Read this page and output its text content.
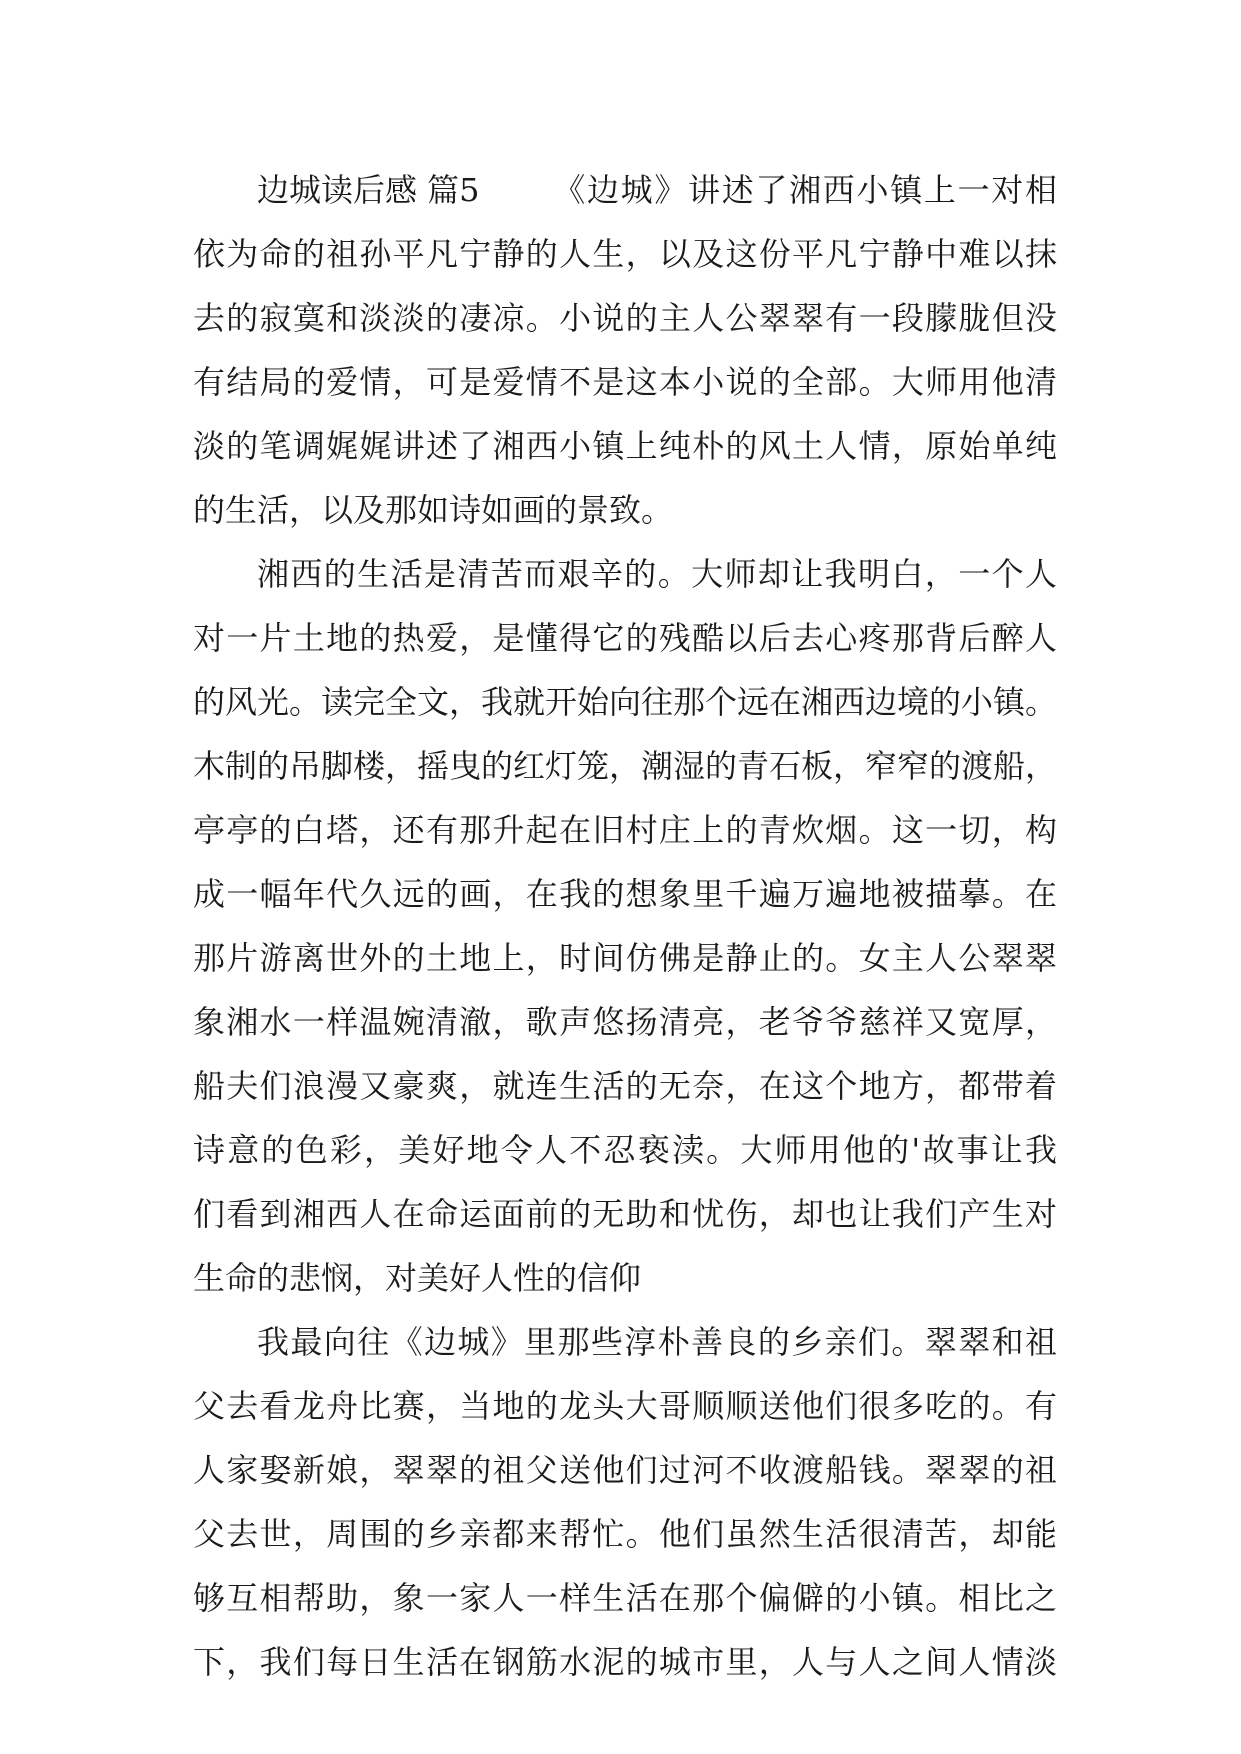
边城读后感 篇5 《边城》讲述了湘西小镇上一对相
依为命的祖孙平凡宁静的人生，以及这份平凡宁静中难以抹
去的寂寞和淡淡的凄凉。小说的主人公翠翠有一段朦胧但没
有结局的爱情，可是爱情不是这本小说的全部。大师用他清
淡的笔调娓娓讲述了湘西小镇上纯朴的风土人情，原始单纯
的生活，以及那如诗如画的景致。
湘西的生活是清苦而艰辛的。大师却让我明白，一个人
对一片土地的热爱，是懂得它的残酷以后去心疼那背后醉人
的风光。读完全文，我就开始向往那个远在湘西边境的小镇。
木制的吊脚楼，摇曳的红灯笼，潮湿的青石板，窄窄的渡船，
亭亭的白塔，还有那升起在旧村庄上的青炊烟。这一切，构
成一幅年代久远的画，在我的想象里千遍万遍地被描摹。在
那片游离世外的土地上，时间仿佛是静止的。女主人公翠翠
象湘水一样温婉清澈，歌声悠扬清亮，老爷爷慈祥又宽厚，
船夫们浪漫又豪爽，就连生活的无奈，在这个地方，都带着
诗意的色彩，美好地令人不忍亵渎。大师用他的'故事让我
们看到湘西人在命运面前的无助和忧伤，却也让我们产生对
生命的悲悯，对美好人性的信仰
我最向往《边城》里那些淳朴善良的乡亲们。翠翠和祖
父去看龙舟比赛，当地的龙头大哥顺顺送他们很多吃的。有
人家娶新娘，翠翠的祖父送他们过河不收渡船钱。翠翠的祖
父去世，周围的乡亲都来帮忙。他们虽然生活很清苦，却能
够互相帮助，象一家人一样生活在那个偏僻的小镇。相比之
下，我们每日生活在钢筋水泥的城市里，人与人之间人情淡
